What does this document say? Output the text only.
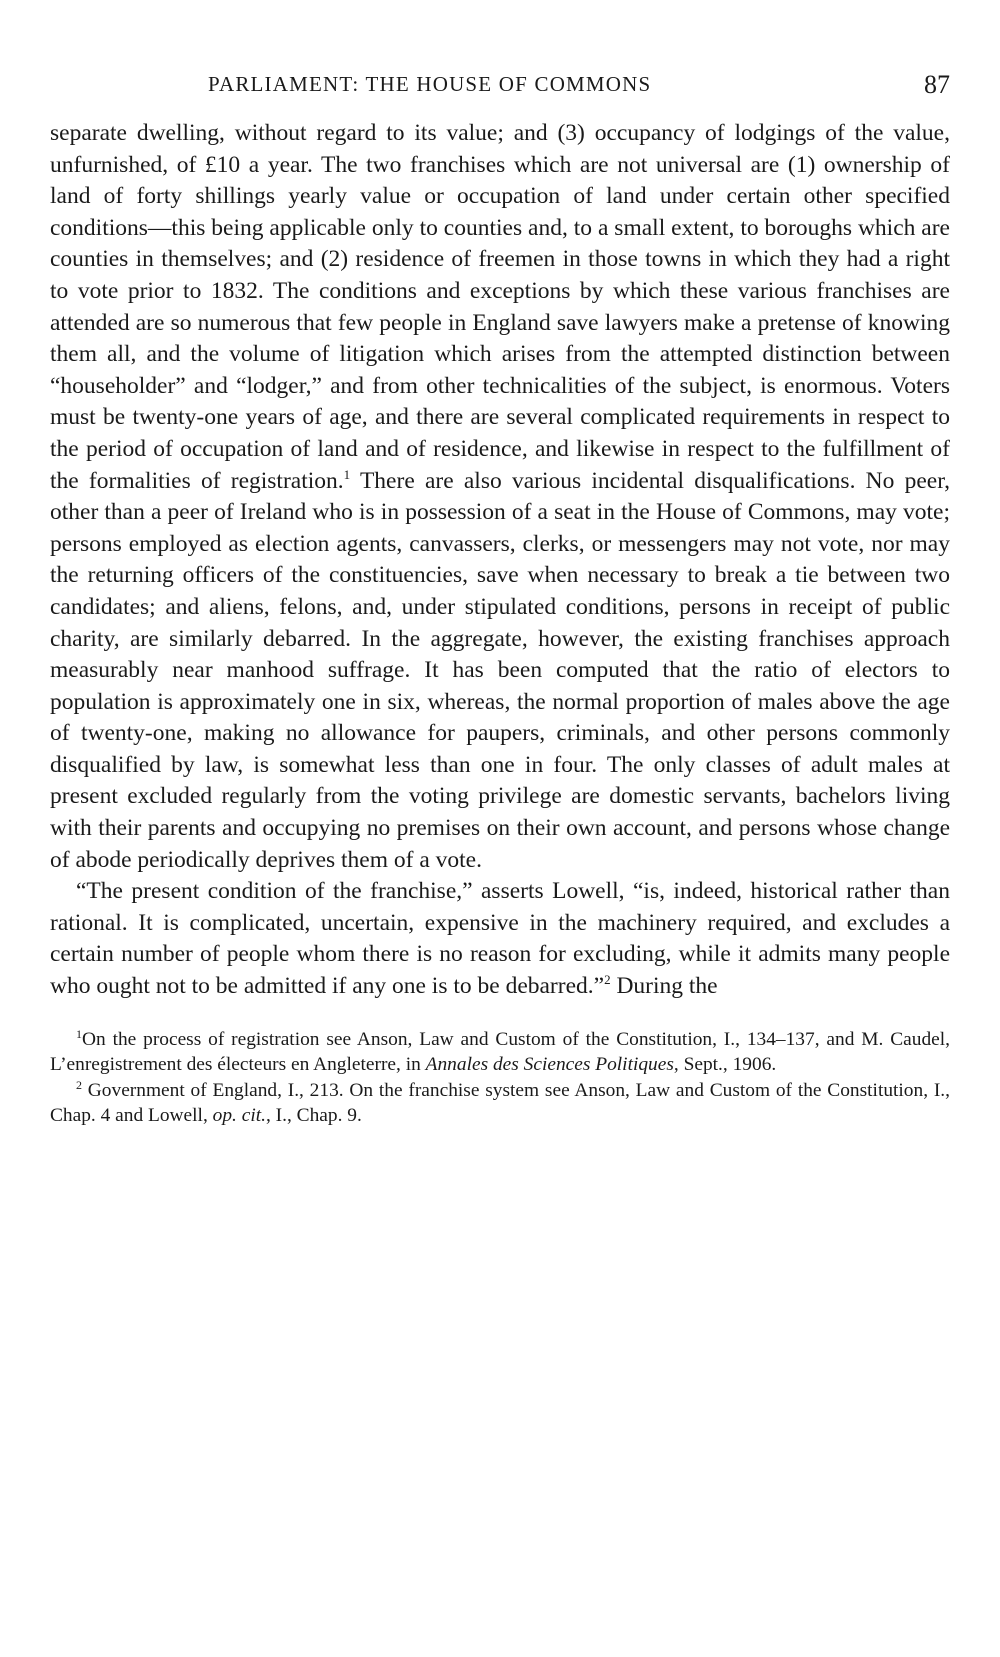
PARLIAMENT: THE HOUSE OF COMMONS	87

separate dwelling, without regard to its value; and (3) occupancy of lodgings of the value, unfurnished, of £10 a year. The two franchises which are not universal are (1) ownership of land of forty shillings yearly value or occupation of land under certain other specified conditions—this being applicable only to counties and, to a small extent, to boroughs which are counties in themselves; and (2) residence of freemen in those towns in which they had a right to vote prior to 1832. The conditions and exceptions by which these various franchises are attended are so numerous that few people in England save lawyers make a pretense of knowing them all, and the volume of litigation which arises from the attempted distinction between “householder” and “lodger,” and from other technicalities of the subject, is enormous. Voters must be twenty-one years of age, and there are several complicated requirements in respect to the period of occupation of land and of residence, and likewise in respect to the fulfillment of the formalities of registration.$^1$ There are also various incidental disqualifications. No peer, other than a peer of Ireland who is in possession of a seat in the House of Commons, may vote; persons employed as election agents, canvassers, clerks, or messengers may not vote, nor may the returning officers of the constituencies, save when necessary to break a tie between two candidates; and aliens, felons, and, under stipulated conditions, persons in receipt of public charity, are similarly debarred. In the aggregate, however, the existing franchises approach measurably near manhood suffrage. It has been computed that the ratio of electors to population is approximately one in six, whereas, the normal proportion of males above the age of twenty-one, making no allowance for paupers, criminals, and other persons commonly disqualified by law, is somewhat less than one in four. The only classes of adult males at present excluded regularly from the voting privilege are domestic servants, bachelors living with their parents and occupying no premises on their own account, and persons whose change of abode periodically deprives them of a vote.

“The present condition of the franchise,” asserts Lowell, “is, indeed, historical rather than rational. It is complicated, uncertain, expensive in the machinery required, and excludes a certain number of people whom there is no reason for excluding, while it admits many people who ought not to be admitted if any one is to be debarred.”$^2$ During the

$^1$On the process of registration see Anson, Law and Custom of the Constitution, I., 134–137, and M. Caudel, L’enregistrement des électeurs en Angleterre, in Annales des Sciences Politiques, Sept., 1906.

$^2$ Government of England, I., 213. On the franchise system see Anson, Law and Custom of the Constitution, I., Chap. 4 and Lowell, op. cit., I., Chap. 9.
